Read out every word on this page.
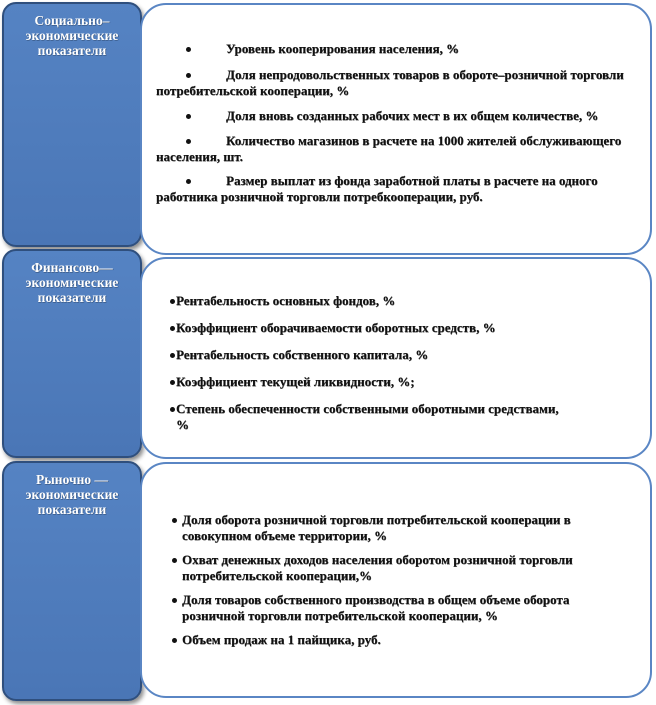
Социально–экономические показатели	Уровень кооперирования населения, %
Доля непродовольственных товаров в обороте–розничной торговли потребительской кооперации, %
Доля вновь созданных рабочих мест в их общем количестве, %
Количество магазинов в расчете на 1000 жителей обслуживающего населения, шт.
Размер выплат из фонда заработной платы в расчете на одного работника розничной торговли потребкооперации, руб.
Финансово—экономические показатели	Рентабельность основных фондов, %
Коэффициент оборачиваемости оборотных средств, %
Рентабельность собственного капитала, %
Коэффициент текущей ликвидности, %;
Степень обеспеченности собственными оборотными средствами, %
Рыночно —экономические показатели
Доля оборота розничной торговли потребительской кооперации в совокупном объеме территории, %
Охват денежных доходов населения оборотом розничной торговли потребительской кооперации,%
Доля товаров собственного производства в общем объеме оборота розничной торговли потребительской кооперации, %
Объем продаж на 1 пайщика, руб.
